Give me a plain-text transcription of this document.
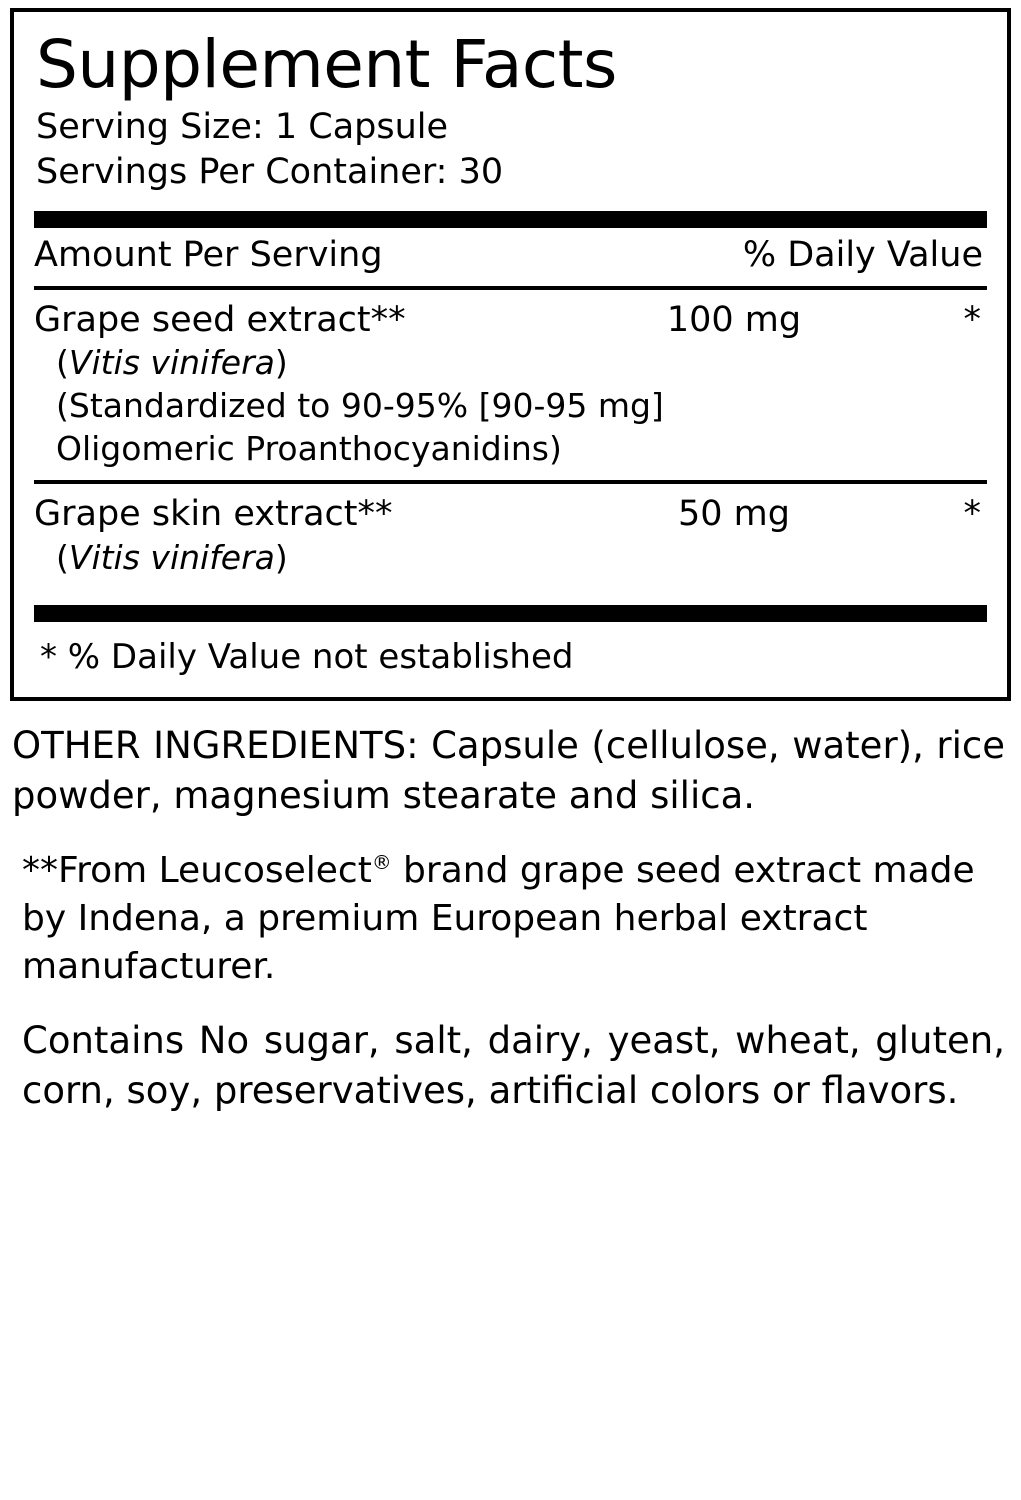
Supplement Facts
Serving Size: 1 Capsule
Servings Per Container: 30
Amount Per Serving	% Daily Value
Grape seed extract**	100 mg	*
(Vitis vinifera)
(Standardized to 90-95% [90-95 mg]
Oligomeric Proanthocyanidins)
Grape skin extract**	50 mg	*
(Vitis vinifera)
* % Daily Value not established
OTHER INGREDIENTS: Capsule (cellulose, water), rice powder, magnesium stearate and silica.
**From Leucoselect® brand grape seed extract made by Indena, a premium European herbal extract manufacturer.
Contains No sugar, salt, dairy, yeast, wheat, gluten, corn, soy, preservatives, artificial colors or flavors.
